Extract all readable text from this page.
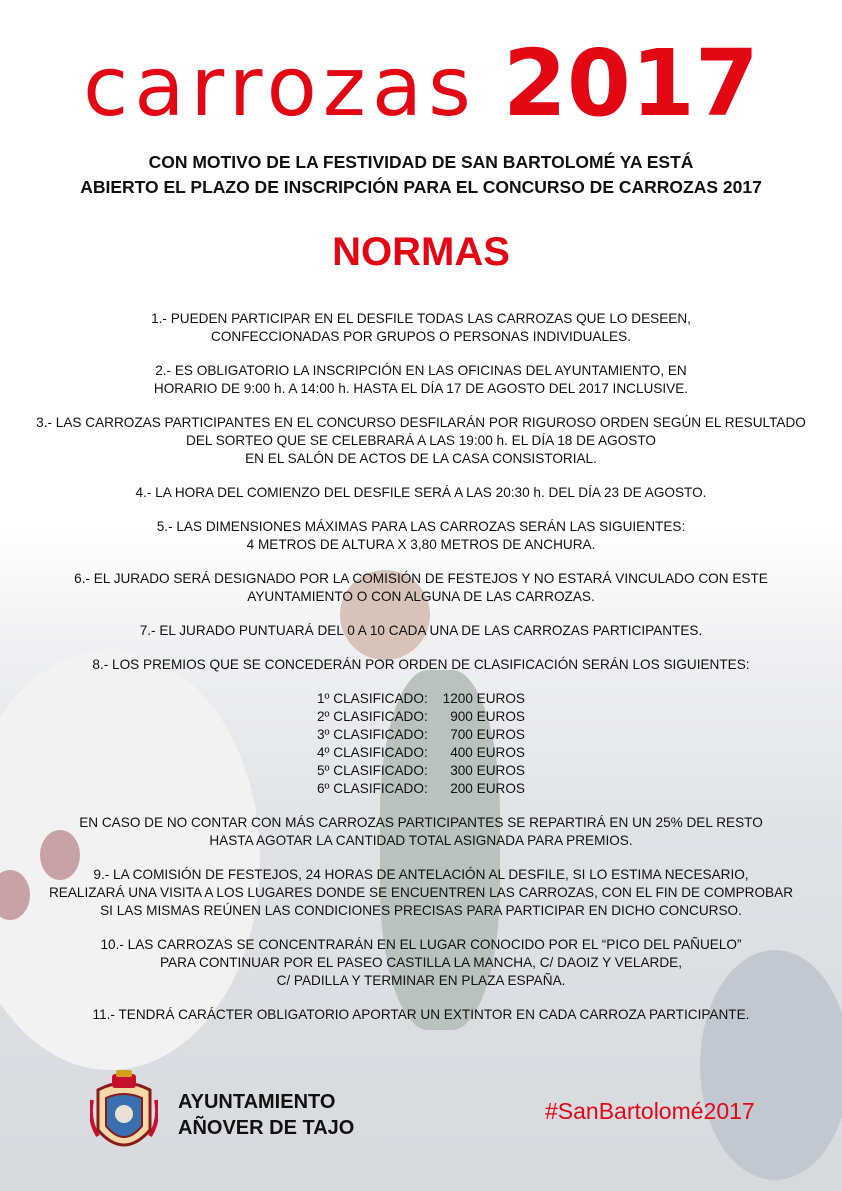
carrozas 2017
CON MOTIVO DE LA FESTIVIDAD DE SAN BARTOLOMÉ YA ESTÁ
ABIERTO EL PLAZO DE INSCRIPCIÓN PARA EL CONCURSO DE CARROZAS 2017
NORMAS
1.- PUEDEN PARTICIPAR EN EL DESFILE TODAS LAS CARROZAS QUE LO DESEEN,
CONFECCIONADAS POR GRUPOS O PERSONAS INDIVIDUALES.
2.- ES OBLIGATORIO LA INSCRIPCIÓN EN LAS OFICINAS DEL AYUNTAMIENTO, EN
HORARIO DE 9:00 h. A 14:00 h. HASTA EL DÍA 17 DE AGOSTO DEL 2017 INCLUSIVE.
3.- LAS CARROZAS PARTICIPANTES EN EL CONCURSO DESFILARÁN POR RIGUROSO ORDEN SEGÚN EL RESULTADO
DEL SORTEO QUE SE CELEBRARÁ A LAS 19:00 h. EL DÍA 18 DE AGOSTO
EN EL SALÓN DE ACTOS DE LA CASA CONSISTORIAL.
4.- LA HORA DEL COMIENZO DEL DESFILE SERÁ A LAS 20:30 h. DEL DÍA 23 DE AGOSTO.
5.- LAS DIMENSIONES MÁXIMAS PARA LAS CARROZAS SERÁN LAS SIGUIENTES:
4 METROS DE ALTURA X 3,80 METROS DE ANCHURA.
6.- EL JURADO SERÁ DESIGNADO POR LA COMISIÓN DE FESTEJOS Y NO ESTARÁ VINCULADO CON ESTE
AYUNTAMIENTO O CON ALGUNA DE LAS CARROZAS.
7.- EL JURADO PUNTUARÁ DEL 0 A 10 CADA UNA DE LAS CARROZAS PARTICIPANTES.
8.- LOS PREMIOS QUE SE CONCEDERÁN POR ORDEN DE CLASIFICACIÓN SERÁN LOS SIGUIENTES:
1º CLASIFICADO:	1200 EUROS
2º CLASIFICADO:	900 EUROS
3º CLASIFICADO:	700 EUROS
4º CLASIFICADO:	400 EUROS
5º CLASIFICADO:	300 EUROS
6º CLASIFICADO:	200 EUROS
EN CASO DE NO CONTAR CON MÁS CARROZAS PARTICIPANTES SE REPARTIRÁ EN UN 25% DEL RESTO
HASTA AGOTAR LA CANTIDAD TOTAL ASIGNADA PARA PREMIOS.
9.- LA COMISIÓN DE FESTEJOS, 24 HORAS DE ANTELACIÓN AL DESFILE, SI LO ESTIMA NECESARIO,
REALIZARÁ UNA VISITA A LOS LUGARES DONDE SE ENCUENTREN LAS CARROZAS, CON EL FIN DE COMPROBAR
SI LAS MISMAS REÚNEN LAS CONDICIONES PRECISAS PARA PARTICIPAR EN DICHO CONCURSO.
10.- LAS CARROZAS SE CONCENTRARÁN EN EL LUGAR CONOCIDO POR EL “PICO DEL PAÑUELO”
PARA CONTINUAR POR EL PASEO CASTILLA LA MANCHA, C/ DAOIZ Y VELARDE,
C/ PADILLA Y TERMINAR EN PLAZA ESPAÑA.
11.- TENDRÁ CARÁCTER OBLIGATORIO APORTAR UN EXTINTOR EN CADA CARROZA PARTICIPANTE.
AYUNTAMIENTO
AÑOVER DE TAJO
#SanBartolomé2017
